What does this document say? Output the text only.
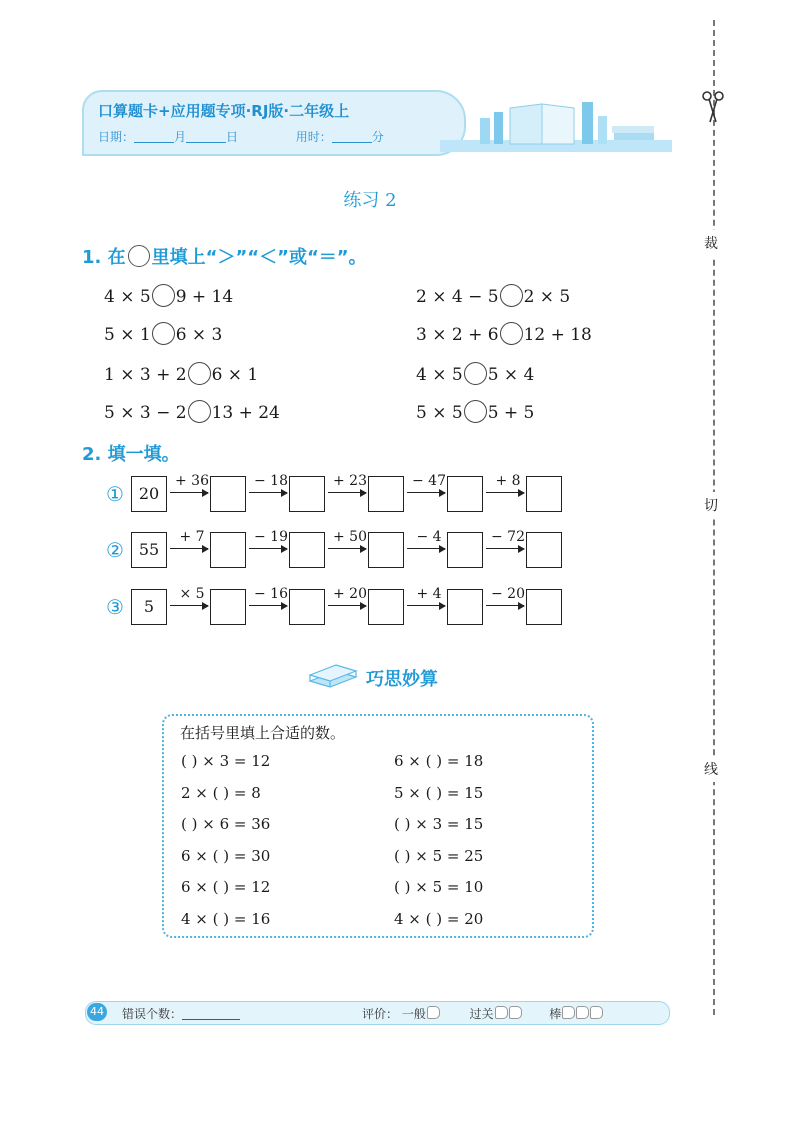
口算题卡+应用题专项·RJ版·二年级上
日期：	月	日	用时：	分
裁
切
线
练习 2
1. 在 里填上“＞”“＜”或“＝”。
4 × 5 9 + 14	2 × 4 − 5 2 × 5
5 × 1 6 × 3	3 × 2 + 6 12 + 18
1 × 3 + 2 6 × 1	4 × 5 5 × 4
5 × 3 − 2 13 + 24	5 × 5 5 + 5
2. 填一填。
① 20
+ 36	− 18	+ 23	− 47	+ 8
② 55
+ 7	− 19	+ 50	− 4	− 72
③	5
× 5	− 16	+ 20	+ 4	− 20
巧思妙算
在括号里填上合适的数。
( ) × 3 = 12	6 × ( ) = 18
2 × ( ) = 8	5 × ( ) = 15
( ) × 6 = 36	( ) × 3 = 15
6 × ( ) = 30	( ) × 5 = 25
6 × ( ) = 12	( ) × 5 = 10
4 × ( ) = 16	4 × ( ) = 20
44 错误个数：	评价： 一般	过关	棒
